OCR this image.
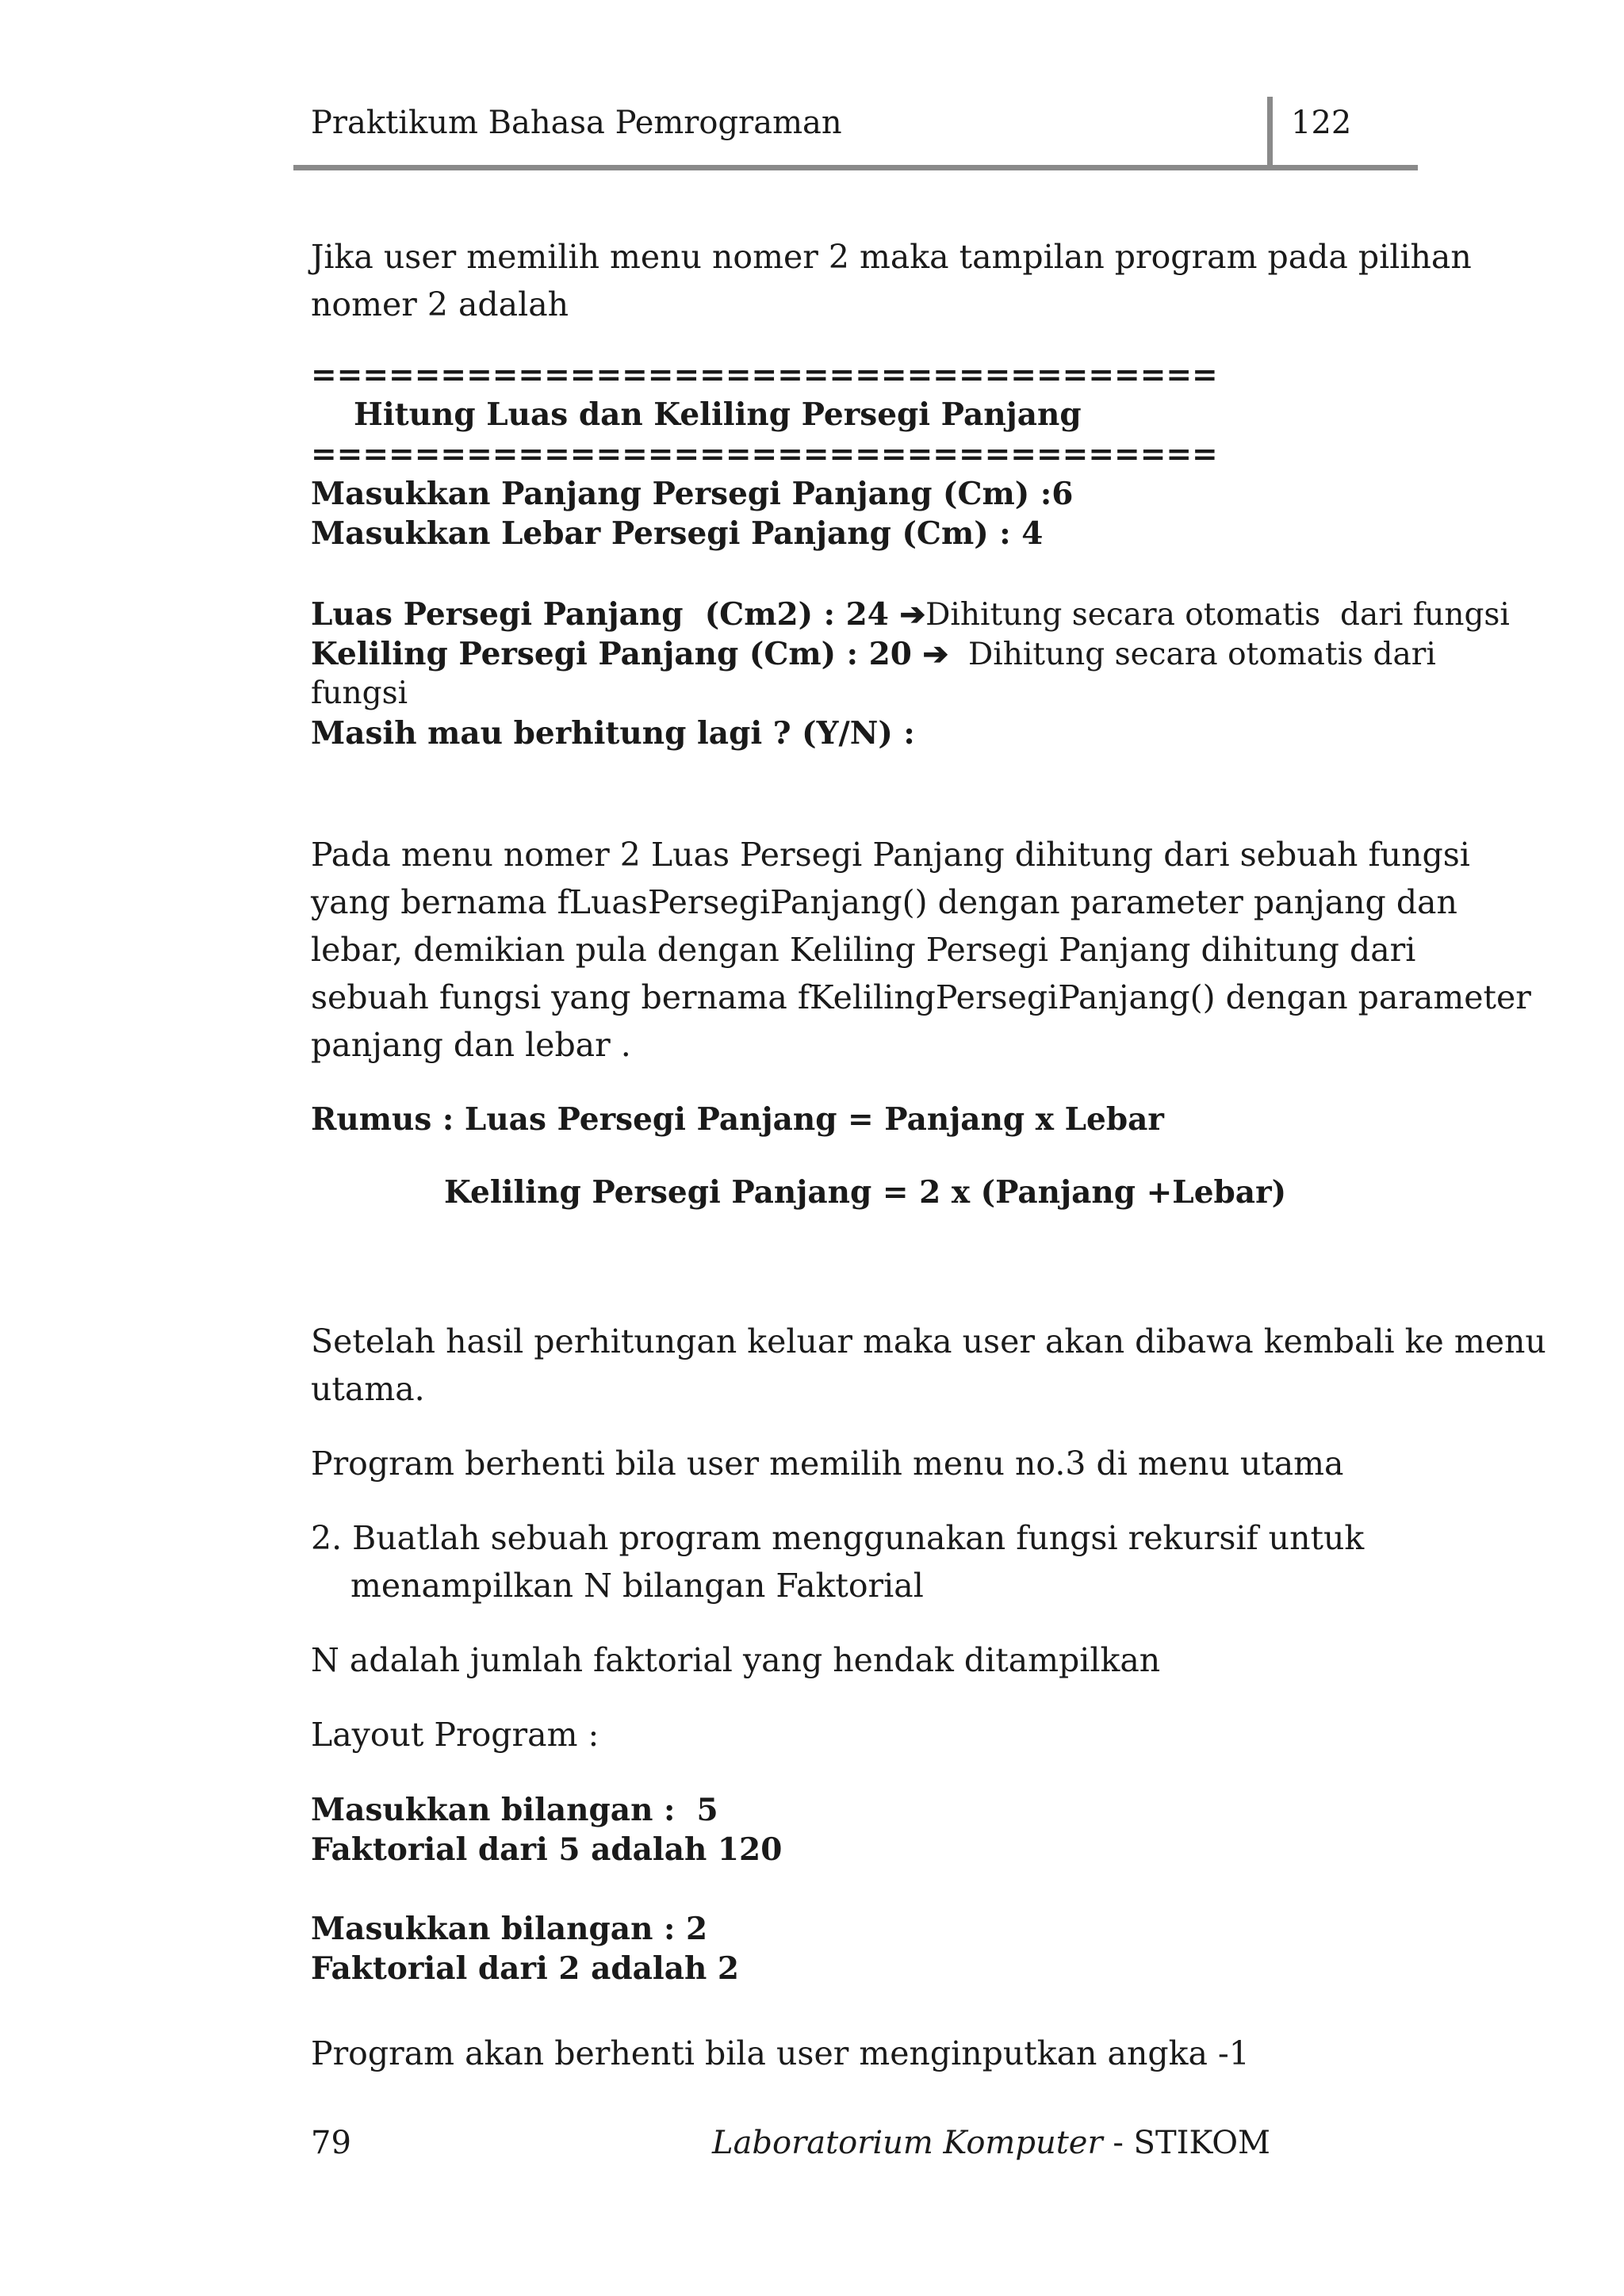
Praktikum Bahasa Pemrograman	122
Jika user memilih menu nomer 2 maka tampilan program pada pilihan
nomer 2 adalah
===================================
Hitung Luas dan Keliling Persegi Panjang
===================================
Masukkan Panjang Persegi Panjang (Cm) :6
Masukkan Lebar Persegi Panjang (Cm) : 4
Luas Persegi Panjang  (Cm2) : 24 ➔Dihitung secara otomatis  dari fungsi
Keliling Persegi Panjang (Cm) : 20 ➔  Dihitung secara otomatis dari
fungsi
Masih mau berhitung lagi ? (Y/N) :
Pada menu nomer 2 Luas Persegi Panjang dihitung dari sebuah fungsi
yang bernama fLuasPersegiPanjang() dengan parameter panjang dan
lebar, demikian pula dengan Keliling Persegi Panjang dihitung dari
sebuah fungsi yang bernama fKelilingPersegiPanjang() dengan parameter
panjang dan lebar .
Rumus : Luas Persegi Panjang = Panjang x Lebar
Keliling Persegi Panjang = 2 x (Panjang +Lebar)
Setelah hasil perhitungan keluar maka user akan dibawa kembali ke menu
utama.
Program berhenti bila user memilih menu no.3 di menu utama
2. Buatlah sebuah program menggunakan fungsi rekursif untuk
menampilkan N bilangan Faktorial
N adalah jumlah faktorial yang hendak ditampilkan
Layout Program :
Masukkan bilangan :  5
Faktorial dari 5 adalah 120
Masukkan bilangan : 2
Faktorial dari 2 adalah 2
Program akan berhenti bila user menginputkan angka -1
79	Laboratorium Komputer - STIKOM
